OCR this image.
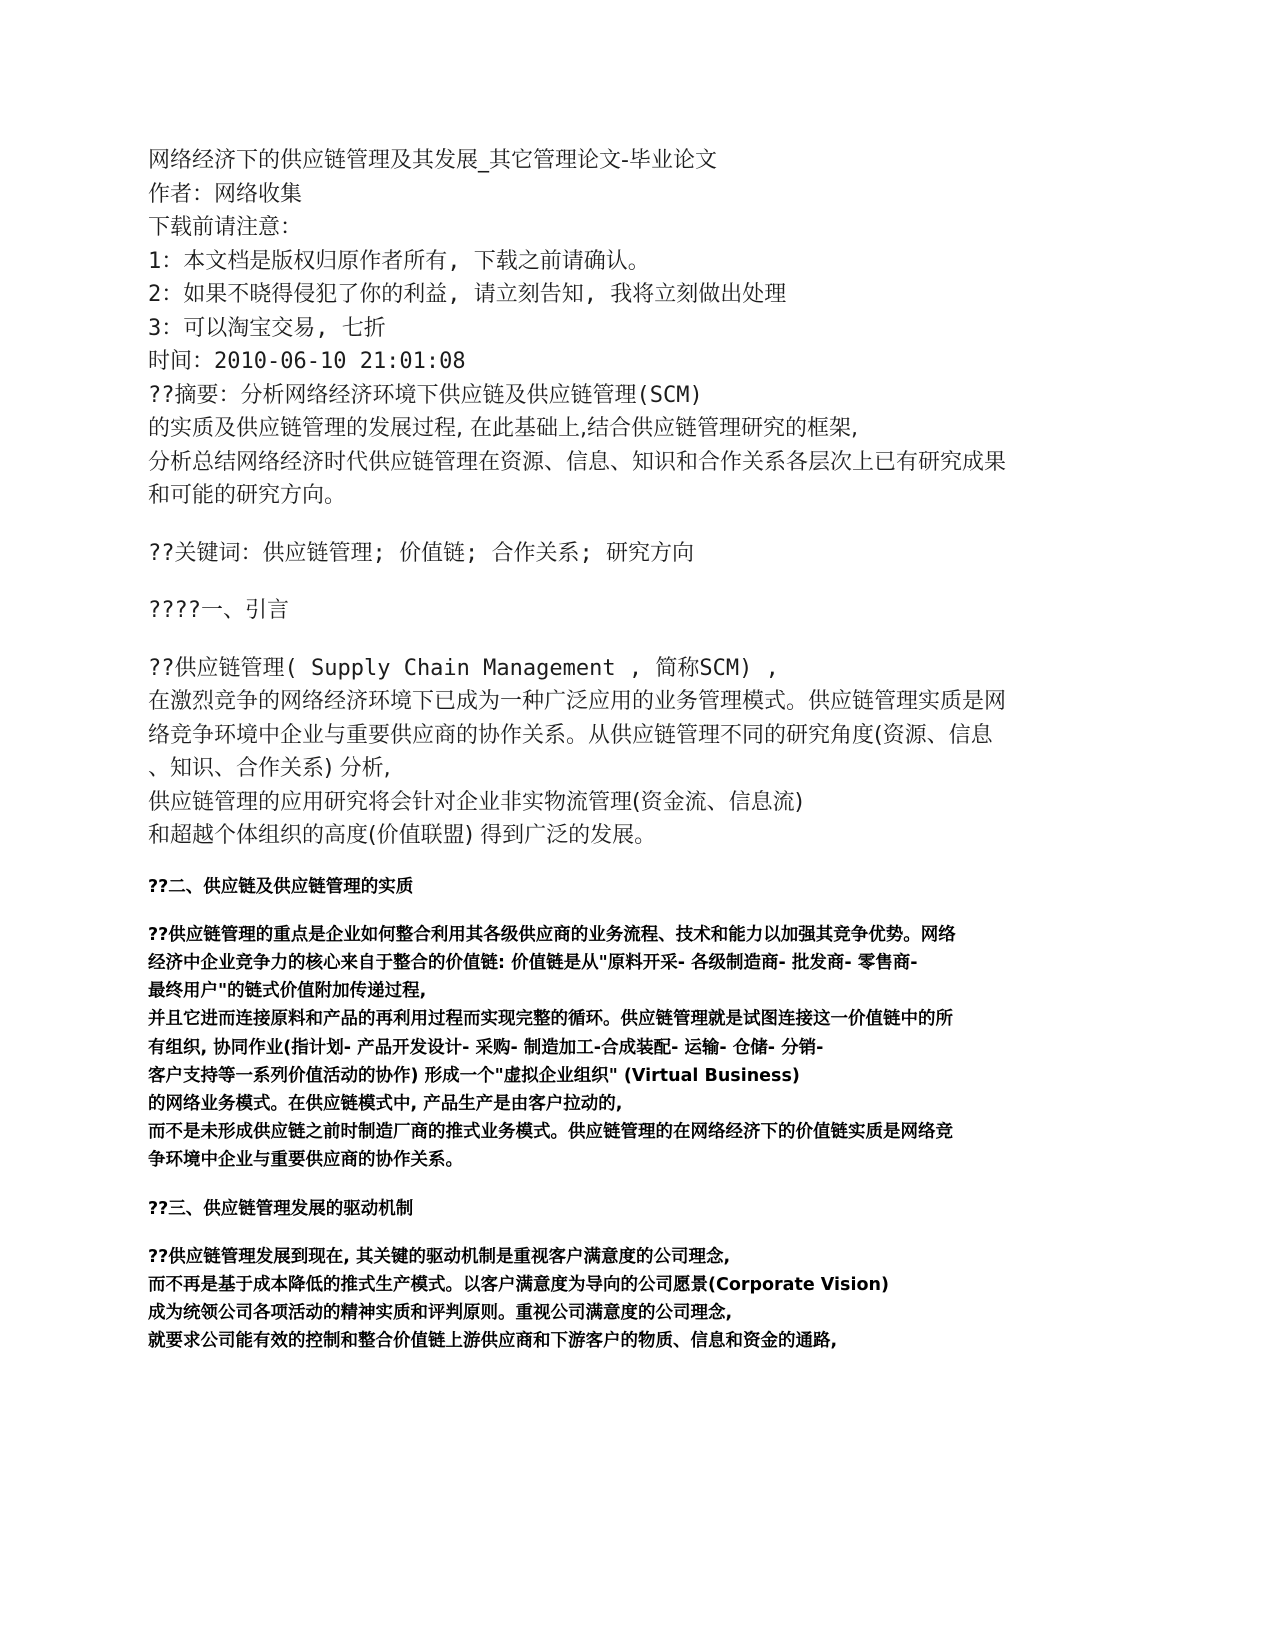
网络经济下的供应链管理及其发展_其它管理论文-毕业论文
作者：网络收集
下载前请注意：
1：本文档是版权归原作者所有, 下载之前请确认。
2：如果不晓得侵犯了你的利益, 请立刻告知, 我将立刻做出处理
3：可以淘宝交易, 七折
时间：2010-06-10 21:01:08
??摘要：分析网络经济环境下供应链及供应链管理(SCM)
的实质及供应链管理的发展过程, 在此基础上,结合供应链管理研究的框架,
分析总结网络经济时代供应链管理在资源、信息、知识和合作关系各层次上已有研究成果
和可能的研究方向。
??关键词：供应链管理; 价值链; 合作关系; 研究方向
????一、引言
??供应链管理( Supply Chain Management , 简称SCM) ,
在激烈竞争的网络经济环境下已成为一种广泛应用的业务管理模式。供应链管理实质是网
络竞争环境中企业与重要供应商的协作关系。从供应链管理不同的研究角度(资源、信息
、知识、合作关系) 分析,
供应链管理的应用研究将会针对企业非实物流管理(资金流、信息流)
和超越个体组织的高度(价值联盟) 得到广泛的发展。
??二、供应链及供应链管理的实质
??供应链管理的重点是企业如何整合利用其各级供应商的业务流程、技术和能力以加强其竞争优势。网络
经济中企业竞争力的核心来自于整合的价值链: 价值链是从"原料开采- 各级制造商- 批发商- 零售商-
最终用户"的链式价值附加传递过程,
并且它进而连接原料和产品的再利用过程而实现完整的循环。供应链管理就是试图连接这一价值链中的所
有组织, 协同作业(指计划- 产品开发设计- 采购- 制造加工-合成装配- 运输- 仓储- 分销-
客户支持等一系列价值活动的协作) 形成一个"虚拟企业组织" (Virtual Business)
的网络业务模式。在供应链模式中, 产品生产是由客户拉动的,
而不是未形成供应链之前时制造厂商的推式业务模式。供应链管理的在网络经济下的价值链实质是网络竞
争环境中企业与重要供应商的协作关系。
??三、供应链管理发展的驱动机制
??供应链管理发展到现在, 其关键的驱动机制是重视客户满意度的公司理念,
而不再是基于成本降低的推式生产模式。以客户满意度为导向的公司愿景(Corporate Vision)
成为统领公司各项活动的精神实质和评判原则。重视公司满意度的公司理念,
就要求公司能有效的控制和整合价值链上游供应商和下游客户的物质、信息和资金的通路,
